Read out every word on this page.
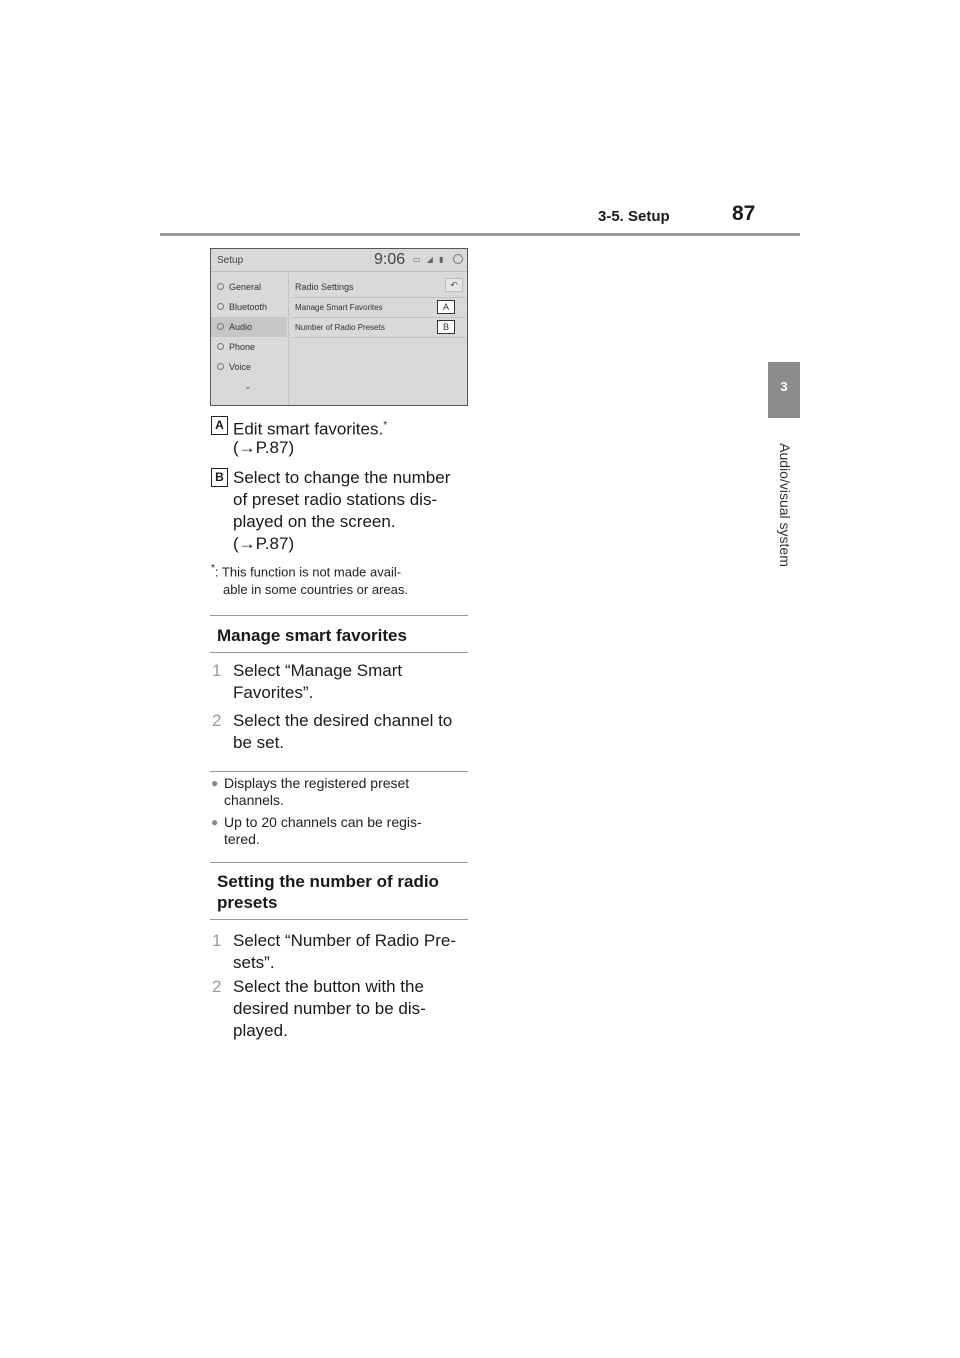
3-5. Setup	87
3
Audio/visual system
Setup	9:06 ▭ ◢ ▮
General
Bluetooth
Audio
Phone
Voice
⌄
Radio Settings	↶
Manage Smart Favorites	A
Number of Radio Presets	B
A Edit smart favorites.*
(→P.87)
B Select to change the number
of preset radio stations dis-
played on the screen.
(→P.87)
*: This function is not made avail-
able in some countries or areas.
Manage smart favorites
1 Select “Manage Smart
Favorites”.
2 Select the desired channel to
be set.
● Displays the registered preset
channels.
● Up to 20 channels can be regis-
tered.
Setting the number of radio
presets
1 Select “Number of Radio Pre-
sets”.
2 Select the button with the
desired number to be dis-
played.
